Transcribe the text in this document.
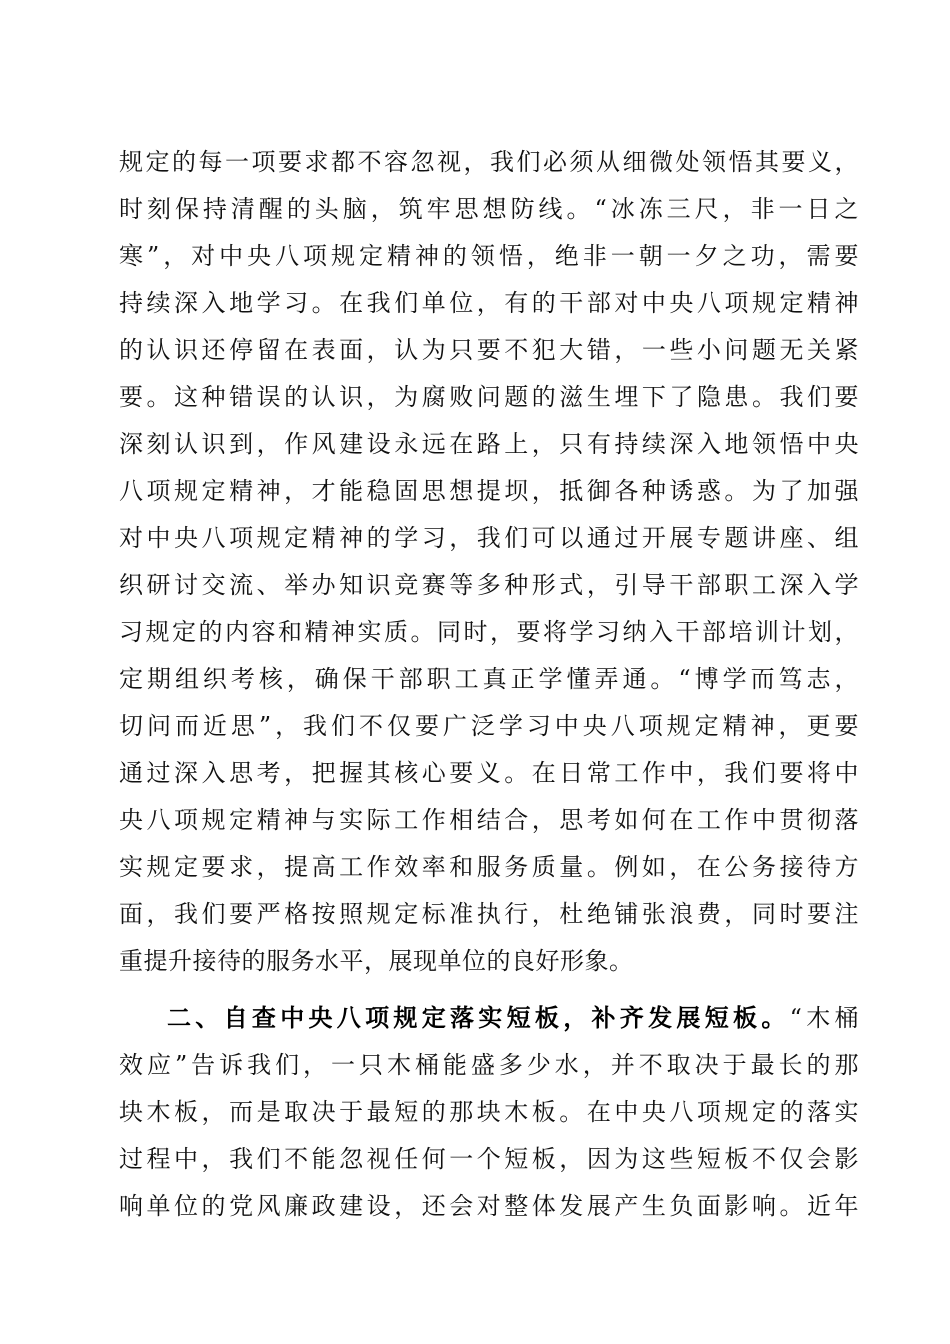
规定的每一项要求都不容忽视，我们必须从细微处领悟其要义，
时刻保持清醒的头脑，筑牢思想防线。“冰冻三尺，非一日之
寒”，对中央八项规定精神的领悟，绝非一朝一夕之功，需要
持续深入地学习。在我们单位，有的干部对中央八项规定精神
的认识还停留在表面，认为只要不犯大错，一些小问题无关紧
要。这种错误的认识，为腐败问题的滋生埋下了隐患。我们要
深刻认识到，作风建设永远在路上，只有持续深入地领悟中央
八项规定精神，才能稳固思想提坝，抵御各种诱惑。为了加强
对中央八项规定精神的学习，我们可以通过开展专题讲座、组
织研讨交流、举办知识竞赛等多种形式，引导干部职工深入学
习规定的内容和精神实质。同时，要将学习纳入干部培训计划，
定期组织考核，确保干部职工真正学懂弄通。“博学而笃志，
切问而近思”，我们不仅要广泛学习中央八项规定精神，更要
通过深入思考，把握其核心要义。在日常工作中，我们要将中
央八项规定精神与实际工作相结合，思考如何在工作中贯彻落
实规定要求，提高工作效率和服务质量。例如，在公务接待方
面，我们要严格按照规定标准执行，杜绝铺张浪费，同时要注
重提升接待的服务水平，展现单位的良好形象。
二、自查中央八项规定落实短板，补齐发展短板。“木桶
效应”告诉我们，一只木桶能盛多少水，并不取决于最长的那
块木板，而是取决于最短的那块木板。在中央八项规定的落实
过程中，我们不能忽视任何一个短板，因为这些短板不仅会影
响单位的党风廉政建设，还会对整体发展产生负面影响。近年
